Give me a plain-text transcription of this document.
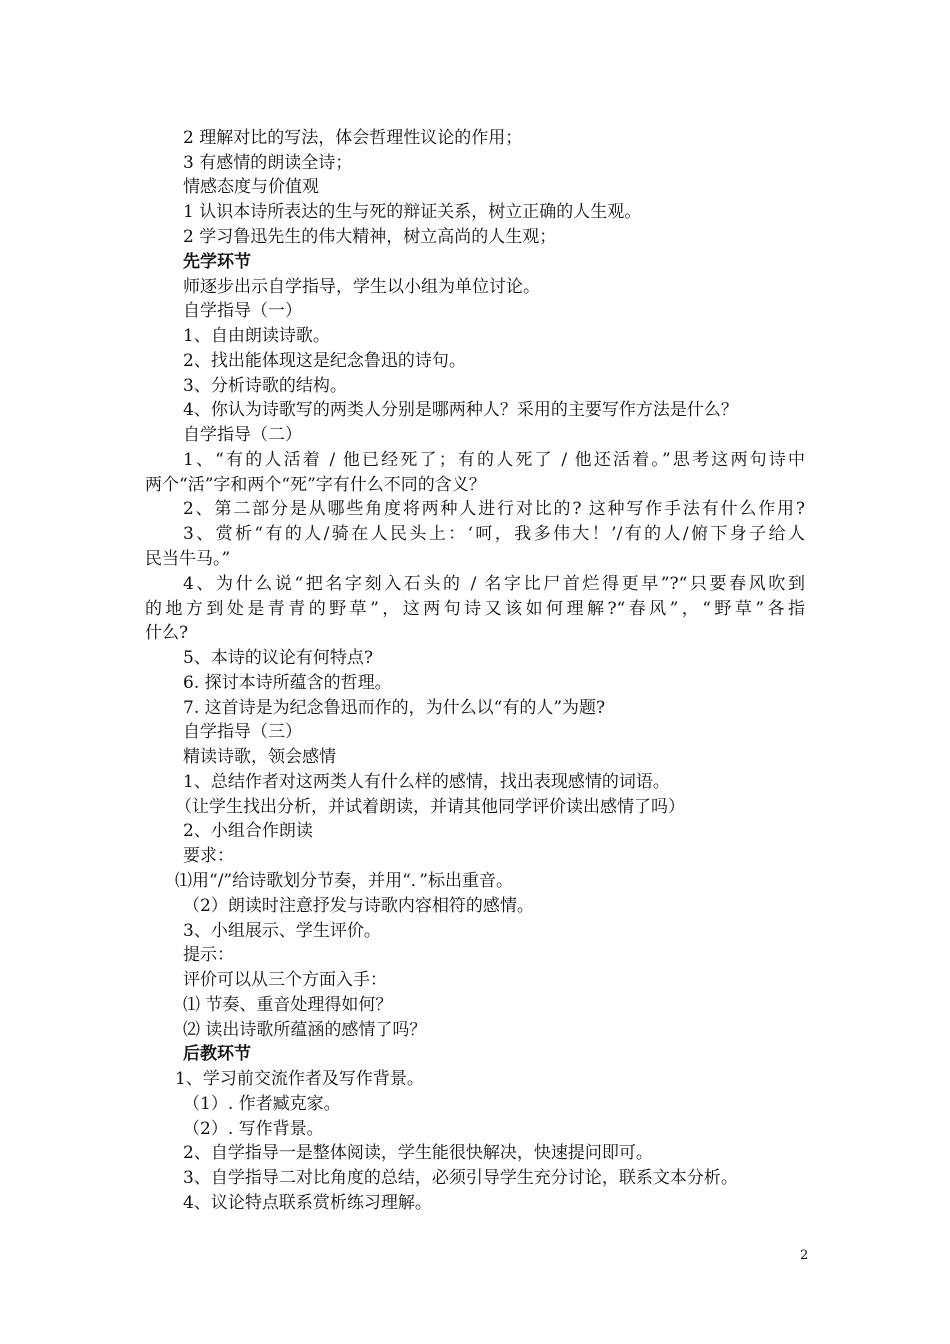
2 理解对比的写法，体会哲理性议论的作用；
3 有感情的朗读全诗；
情感态度与价值观
1 认识本诗所表达的生与死的辩证关系，树立正确的人生观。
2 学习鲁迅先生的伟大精神，树立高尚的人生观；
先学环节
师逐步出示自学指导，学生以小组为单位讨论。
自学指导（一）
1、自由朗读诗歌。
2、找出能体现这是纪念鲁迅的诗句。
3、分析诗歌的结构。
4、你认为诗歌写的两类人分别是哪两种人？采用的主要写作方法是什么？
自学指导（二）
1、“有的人活着 / 他已经死了；有的人死了 / 他还活着。”思考这两句诗中
两个“活”字和两个“死”字有什么不同的含义？
2、第二部分是从哪些角度将两种人进行对比的? 这种写作手法有什么作用?
3、赏析“有的人/骑在人民头上：‘呵，我多伟大！’/有的人/俯下身子给人
民当牛马。”
4、为什么说“把名字刻入石头的 / 名字比尸首烂得更早”?“只要春风吹到
的地方到处是青青的野草”，这两句诗又该如何理解?“春风”，“野草”各指
什么?
5、本诗的议论有何特点?
6. 探讨本诗所蕴含的哲理。
7. 这首诗是为纪念鲁迅而作的，为什么以“有的人”为题?
自学指导（三）
精读诗歌，领会感情
1、总结作者对这两类人有什么样的感情，找出表现感情的词语。
（让学生找出分析，并试着朗读，并请其他同学评价读出感情了吗）
2、小组合作朗读
要求：
⑴用“/”给诗歌划分节奏，并用“．”标出重音。
（2）朗读时注意抒发与诗歌内容相符的感情。
3、小组展示、学生评价。
提示：
评价可以从三个方面入手：
⑴ 节奏、重音处理得如何？
⑵ 读出诗歌所蕴涵的感情了吗？
后教环节
1、学习前交流作者及写作背景。
（1）. 作者臧克家。
（2）. 写作背景。
2、自学指导一是整体阅读，学生能很快解决，快速提问即可。
3、自学指导二对比角度的总结，必须引导学生充分讨论，联系文本分析。
4、议论特点联系赏析练习理解。
2
